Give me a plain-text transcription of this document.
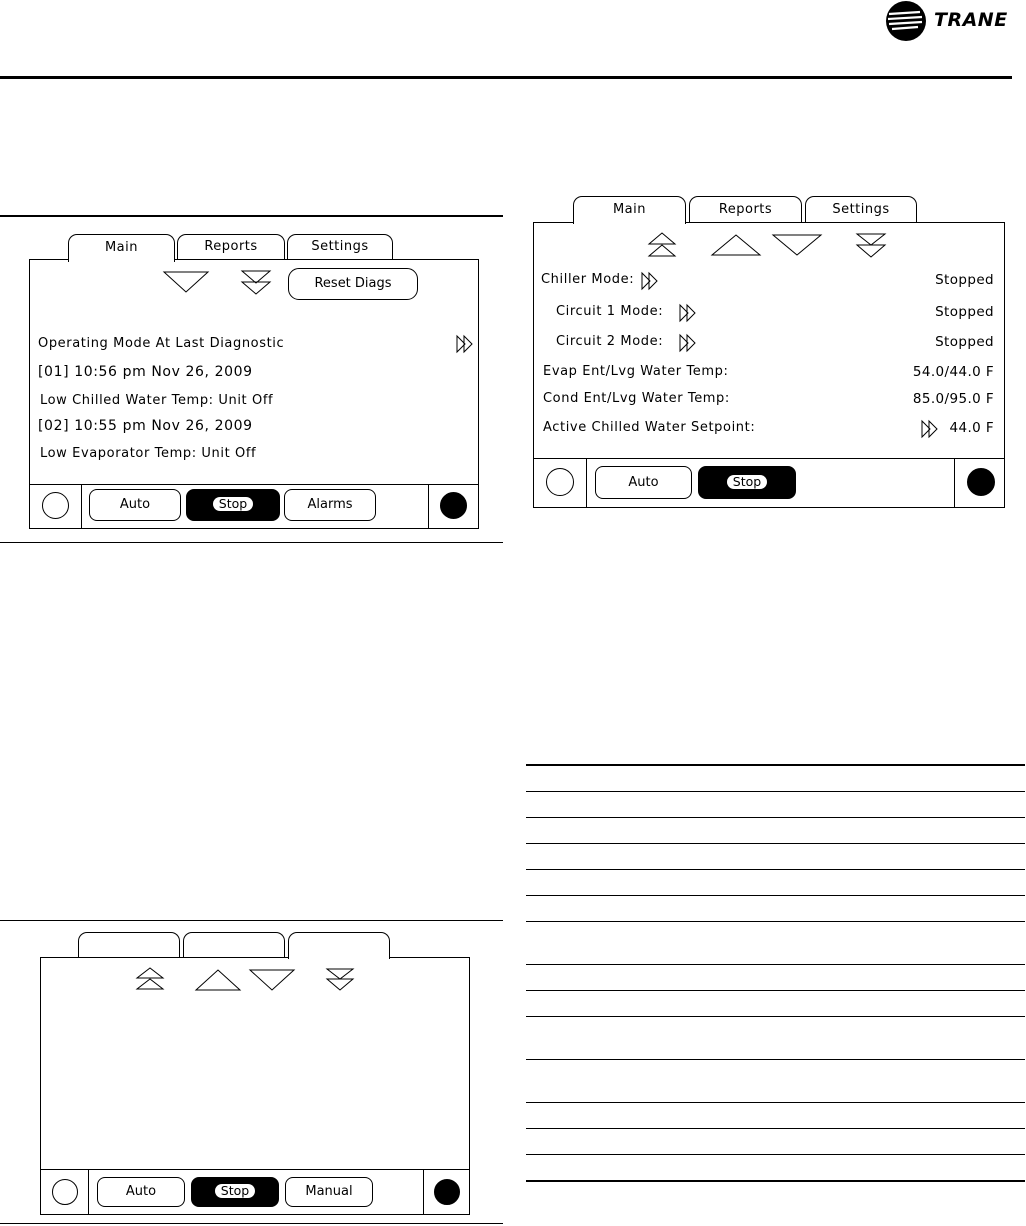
TRANE
Main	Reports	Settings
Reset Diags
Operating Mode At Last Diagnostic
[01] 10:56 pm Nov 26, 2009
Low Chilled Water Temp: Unit Off
[02] 10:55 pm Nov 26, 2009
Low Evaporator Temp: Unit Off
Auto	Stop	Alarms
Main	Reports	Settings
Chiller Mode:	Stopped
Circuit 1 Mode:	Stopped
Circuit 2 Mode:	Stopped
Evap Ent/Lvg Water Temp:	54.0/44.0 F
Cond Ent/Lvg Water Temp:	85.0/95.0 F
Active Chilled Water Setpoint:	44.0 F
Auto	Stop
Auto	Stop	Manual
